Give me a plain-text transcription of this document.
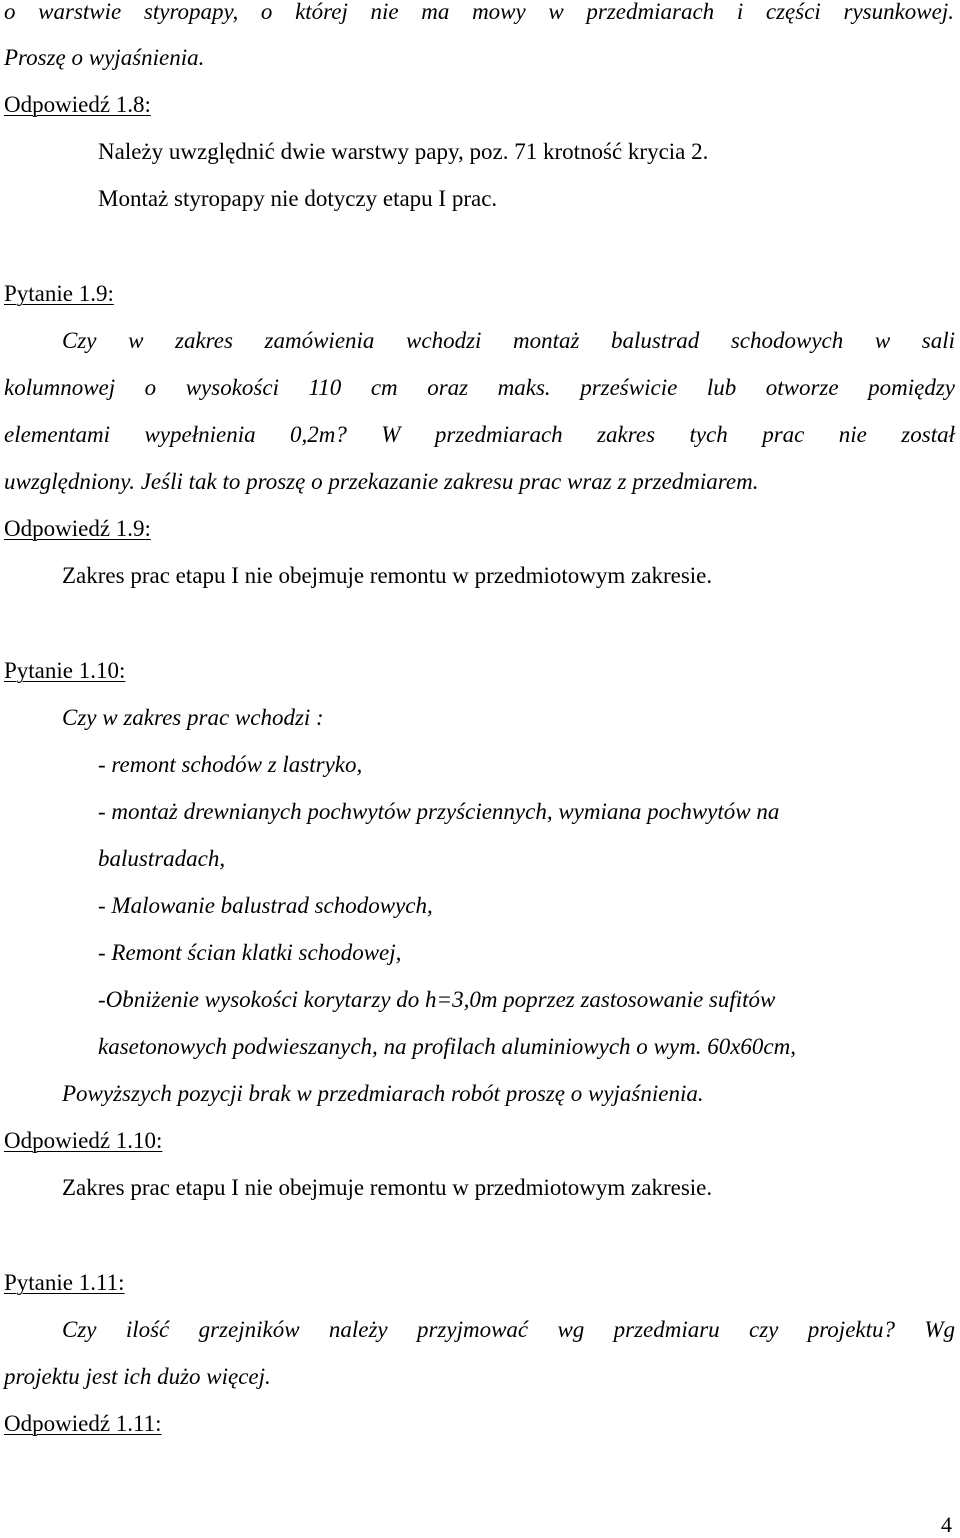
o warstwie styropapy, o której nie ma mowy w przedmiarach i części rysunkowej.
Proszę o wyjaśnienia.
Odpowiedź 1.8:
Należy uwzględnić dwie warstwy papy, poz. 71 krotność krycia 2.
Montaż styropapy nie dotyczy etapu I prac.
Pytanie 1.9:
Czy w zakres zamówienia wchodzi montaż balustrad schodowych w sali
kolumnowej o wysokości 110 cm oraz maks. prześwicie lub otworze pomiędzy
elementami wypełnienia 0,2m? W przedmiarach zakres tych prac nie został
uwzględniony. Jeśli tak to proszę o przekazanie zakresu prac wraz z przedmiarem.
Odpowiedź 1.9:
Zakres prac etapu I nie obejmuje remontu w przedmiotowym zakresie.
Pytanie 1.10:
Czy w zakres prac wchodzi :
- remont schodów z lastryko,
- montaż drewnianych pochwytów przyściennych, wymiana pochwytów na
balustradach,
- Malowanie balustrad schodowych,
- Remont ścian klatki schodowej,
-Obniżenie wysokości korytarzy do h=3,0m poprzez zastosowanie sufitów
kasetonowych podwieszanych, na profilach aluminiowych o wym. 60x60cm,
Powyższych pozycji brak w przedmiarach robót proszę o wyjaśnienia.
Odpowiedź 1.10:
Zakres prac etapu I nie obejmuje remontu w przedmiotowym zakresie.
Pytanie 1.11:
Czy ilość grzejników należy przyjmować wg przedmiaru czy projektu? Wg
projektu jest ich dużo więcej.
Odpowiedź 1.11:
4
